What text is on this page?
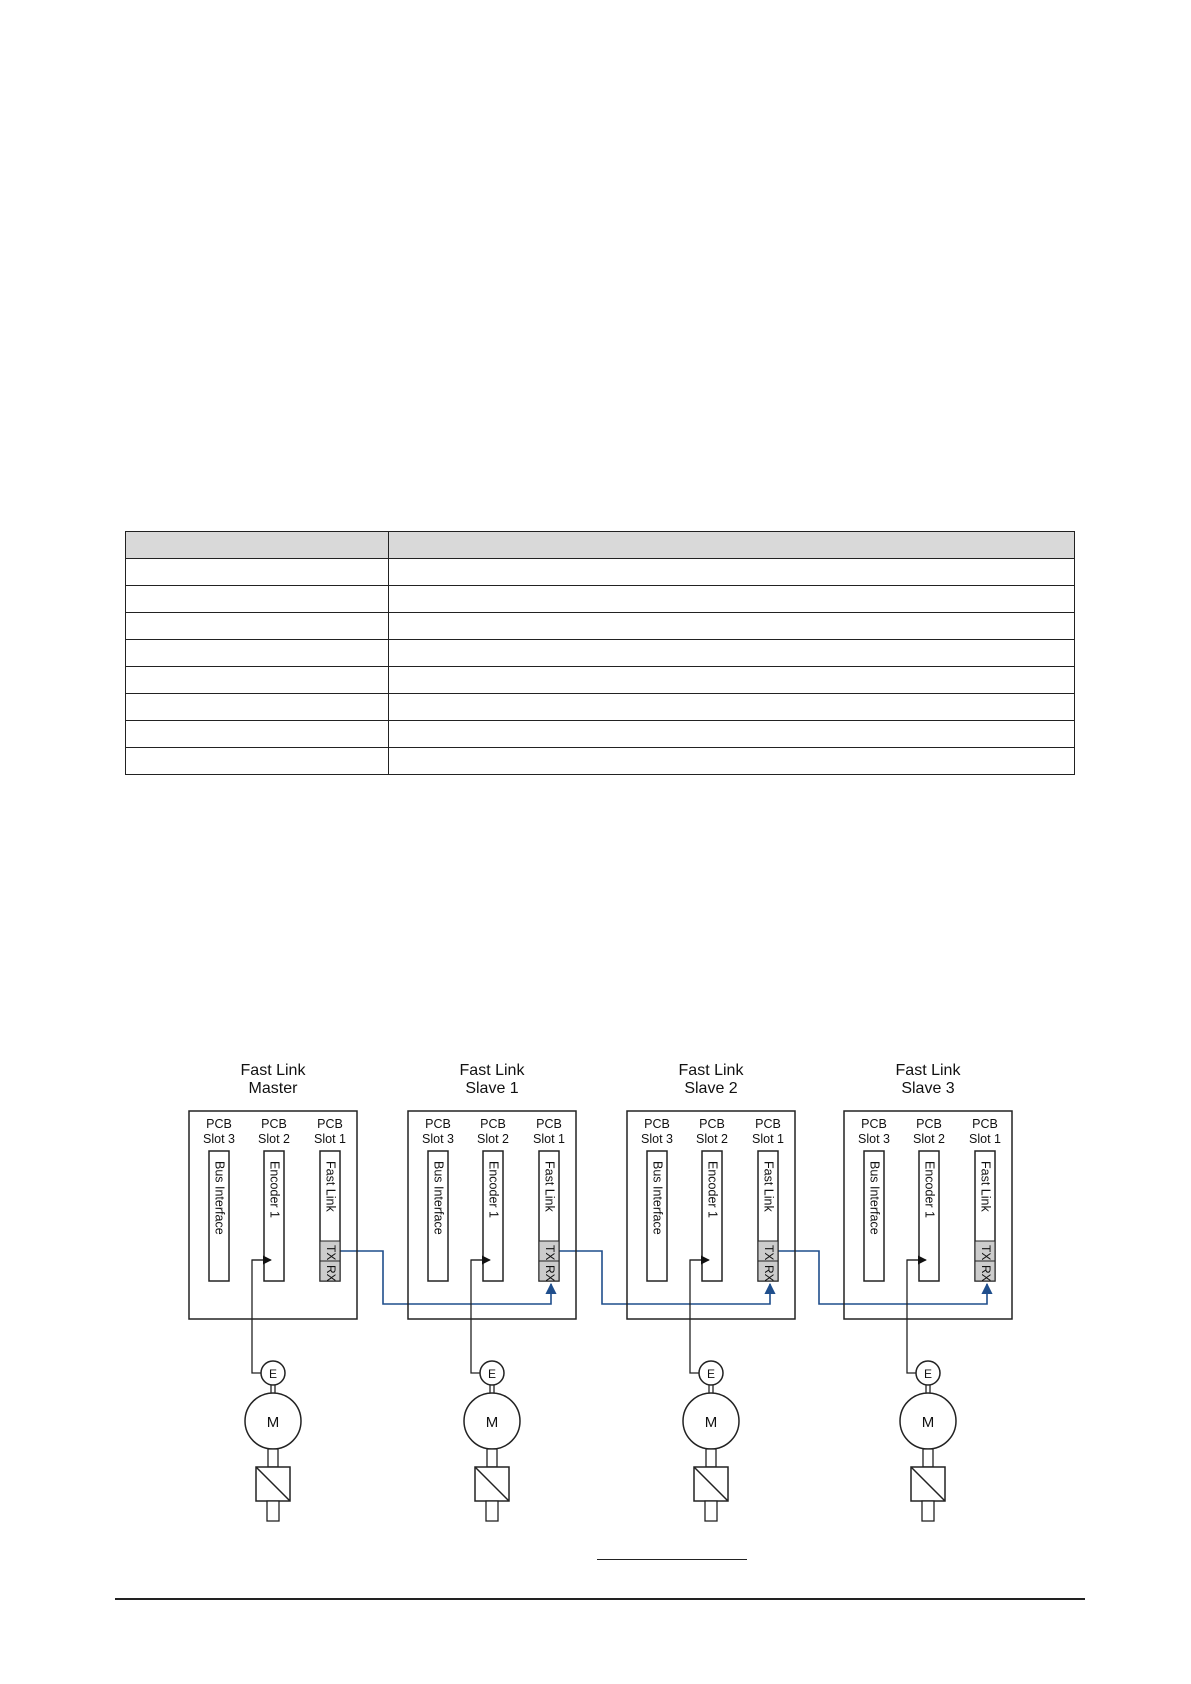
Fast Link
Master
PCB
Slot 3
Bus Interface
PCB
Slot 2
Encoder 1
PCB
Slot 1
Fast Link
TX
RX
E
M
Fast Link
Slave 1
PCB
Slot 3
Bus Interface
PCB
Slot 2
Encoder 1
PCB
Slot 1
Fast Link
TX
RX
E
M
Fast Link
Slave 2
PCB
Slot 3
Bus Interface
PCB
Slot 2
Encoder 1
PCB
Slot 1
Fast Link
TX
RX
E
M
Fast Link
Slave 3
PCB
Slot 3
Bus Interface
PCB
Slot 2
Encoder 1
PCB
Slot 1
Fast Link
TX
RX
E
M
